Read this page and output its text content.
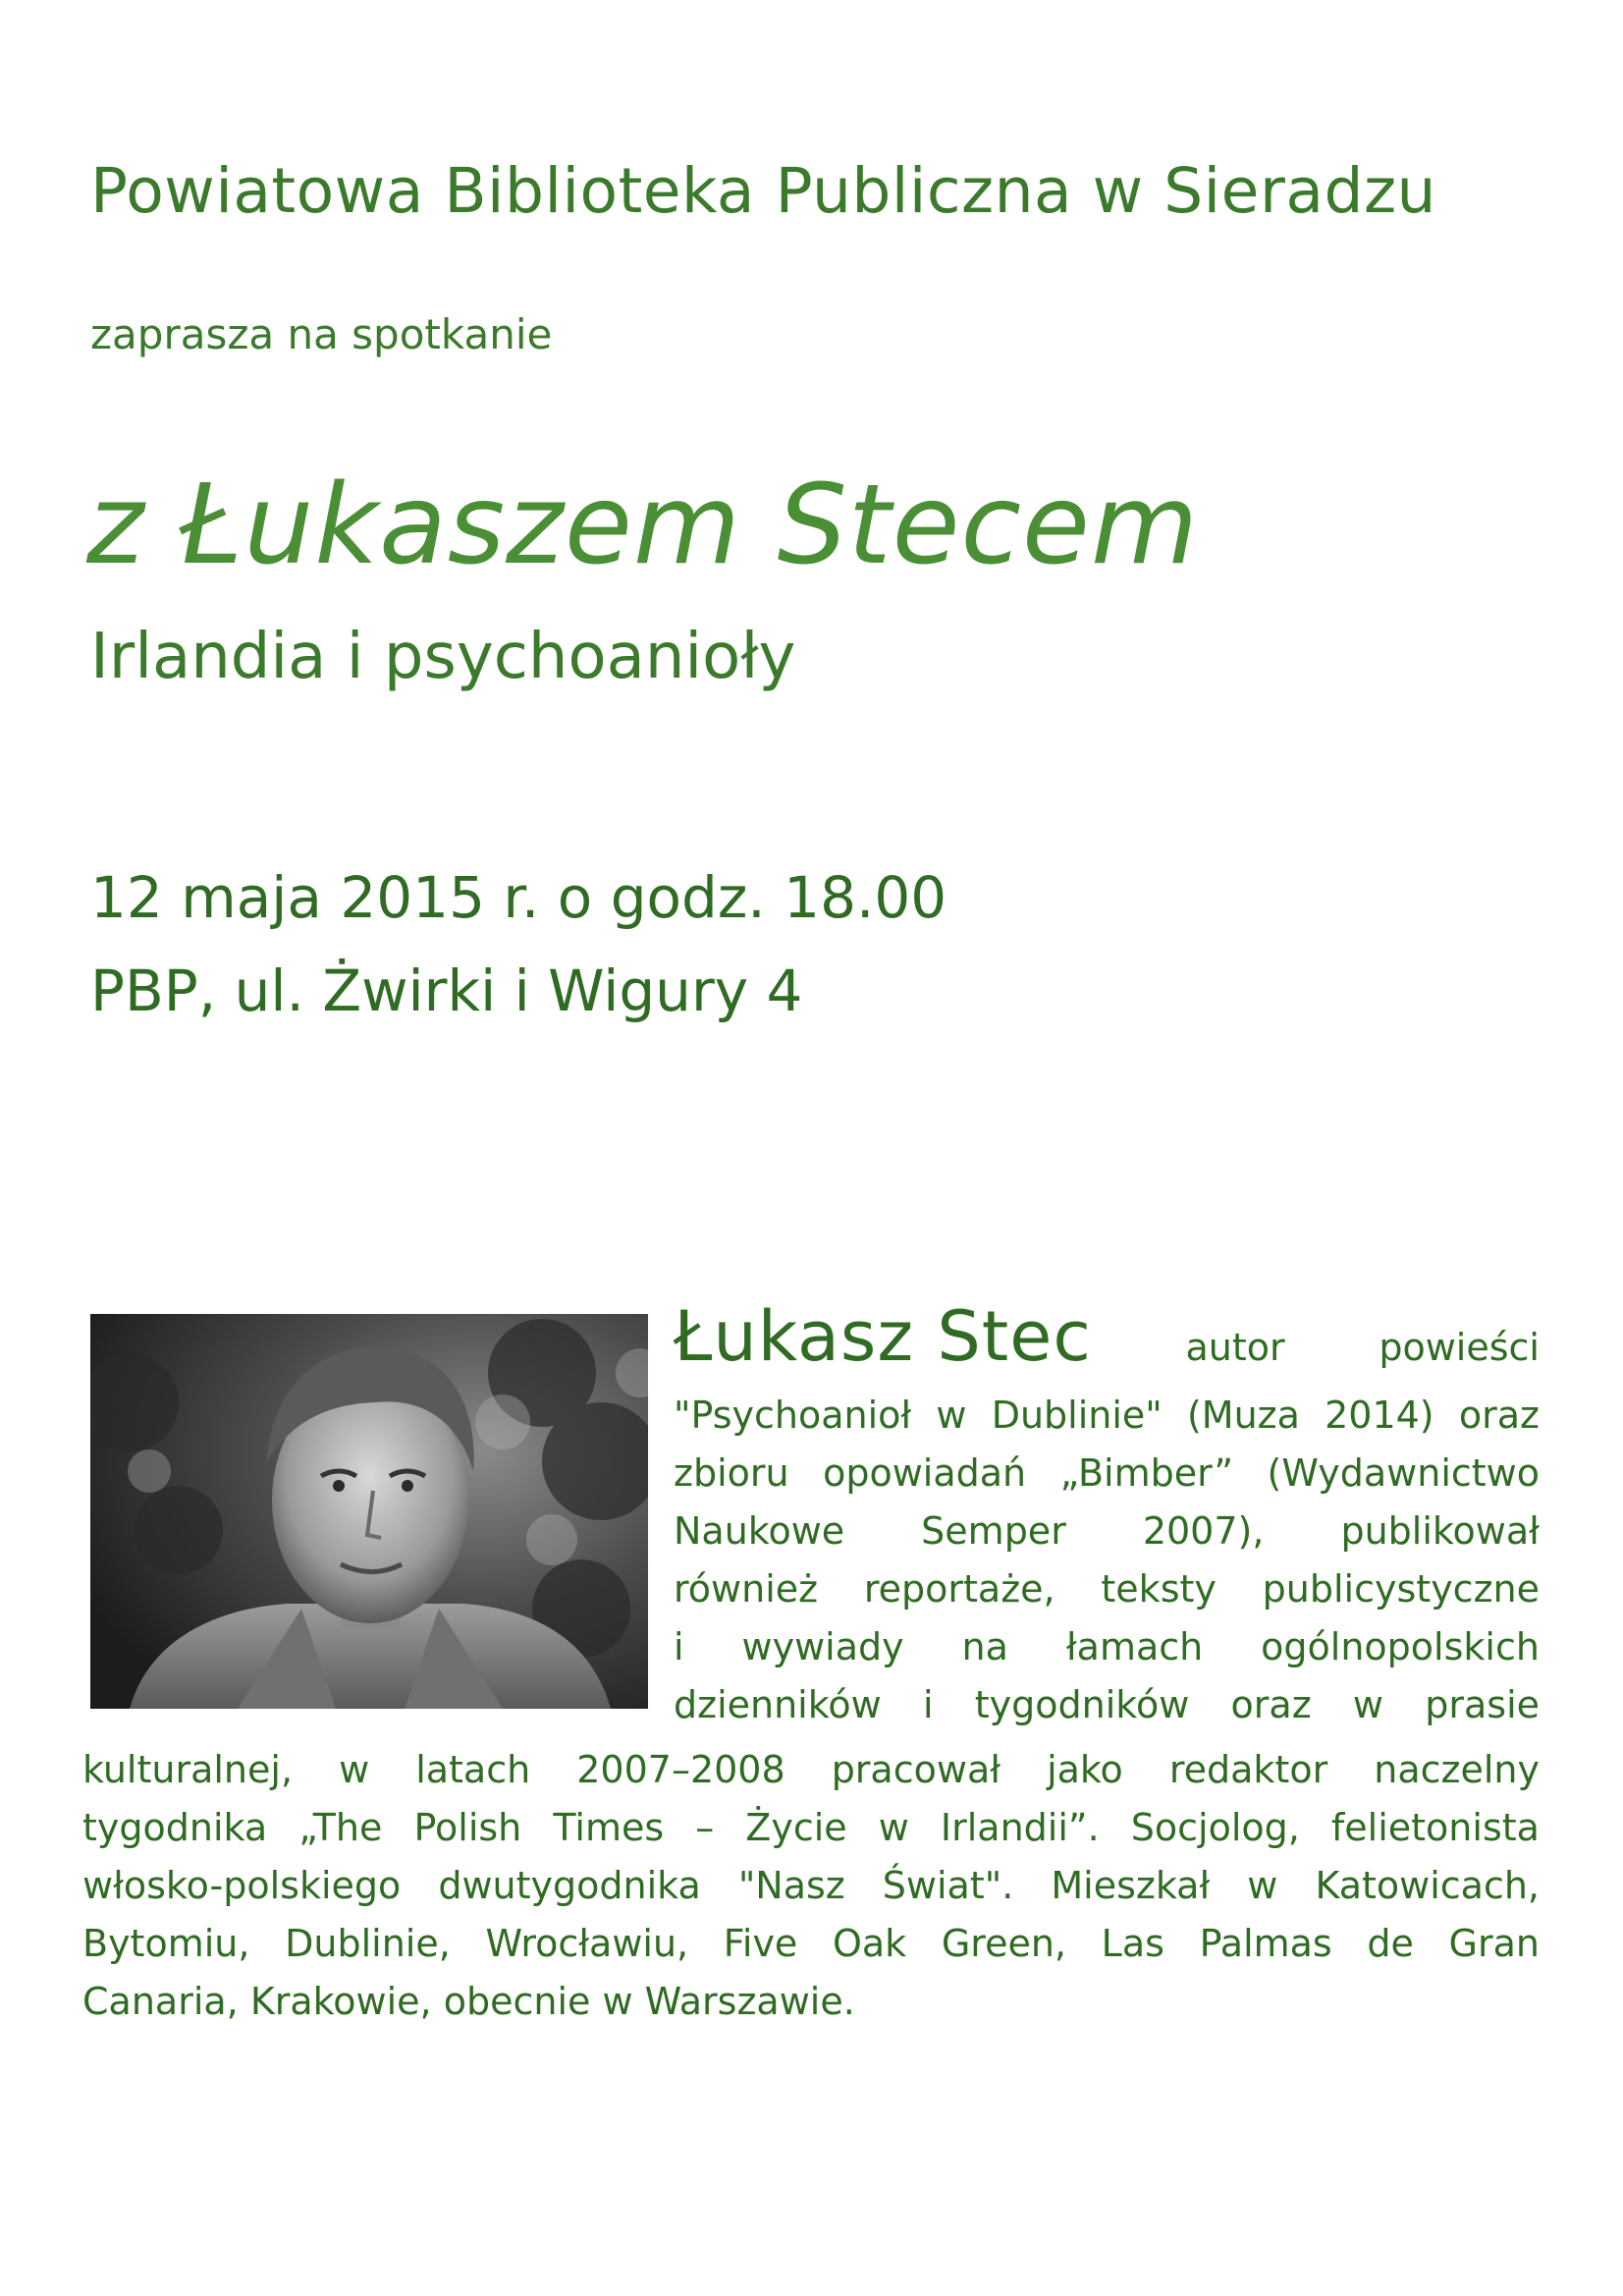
Powiatowa Biblioteka Publiczna w Sieradzu
zaprasza na spotkanie
z Łukaszem Stecem
Irlandia i psychoanioły
12 maja 2015 r. o godz. 18.00
PBP, ul. Żwirki i Wigury 4
Łukasz Stec	autor	powieści
"Psychoanioł w Dublinie" (Muza 2014) oraz
zbioru opowiadań „Bimber” (Wydawnictwo
Naukowe Semper 2007), publikował
również reportaże, teksty publicystyczne
i wywiady na łamach ogólnopolskich
dzienników i tygodników oraz w prasie
kulturalnej, w latach 2007–2008 pracował jako redaktor naczelny
tygodnika „The Polish Times – Życie w Irlandii”. Socjolog, felietonista
włosko-polskiego dwutygodnika "Nasz Świat". Mieszkał w Katowicach,
Bytomiu, Dublinie, Wrocławiu, Five Oak Green, Las Palmas de Gran
Canaria, Krakowie, obecnie w Warszawie.
